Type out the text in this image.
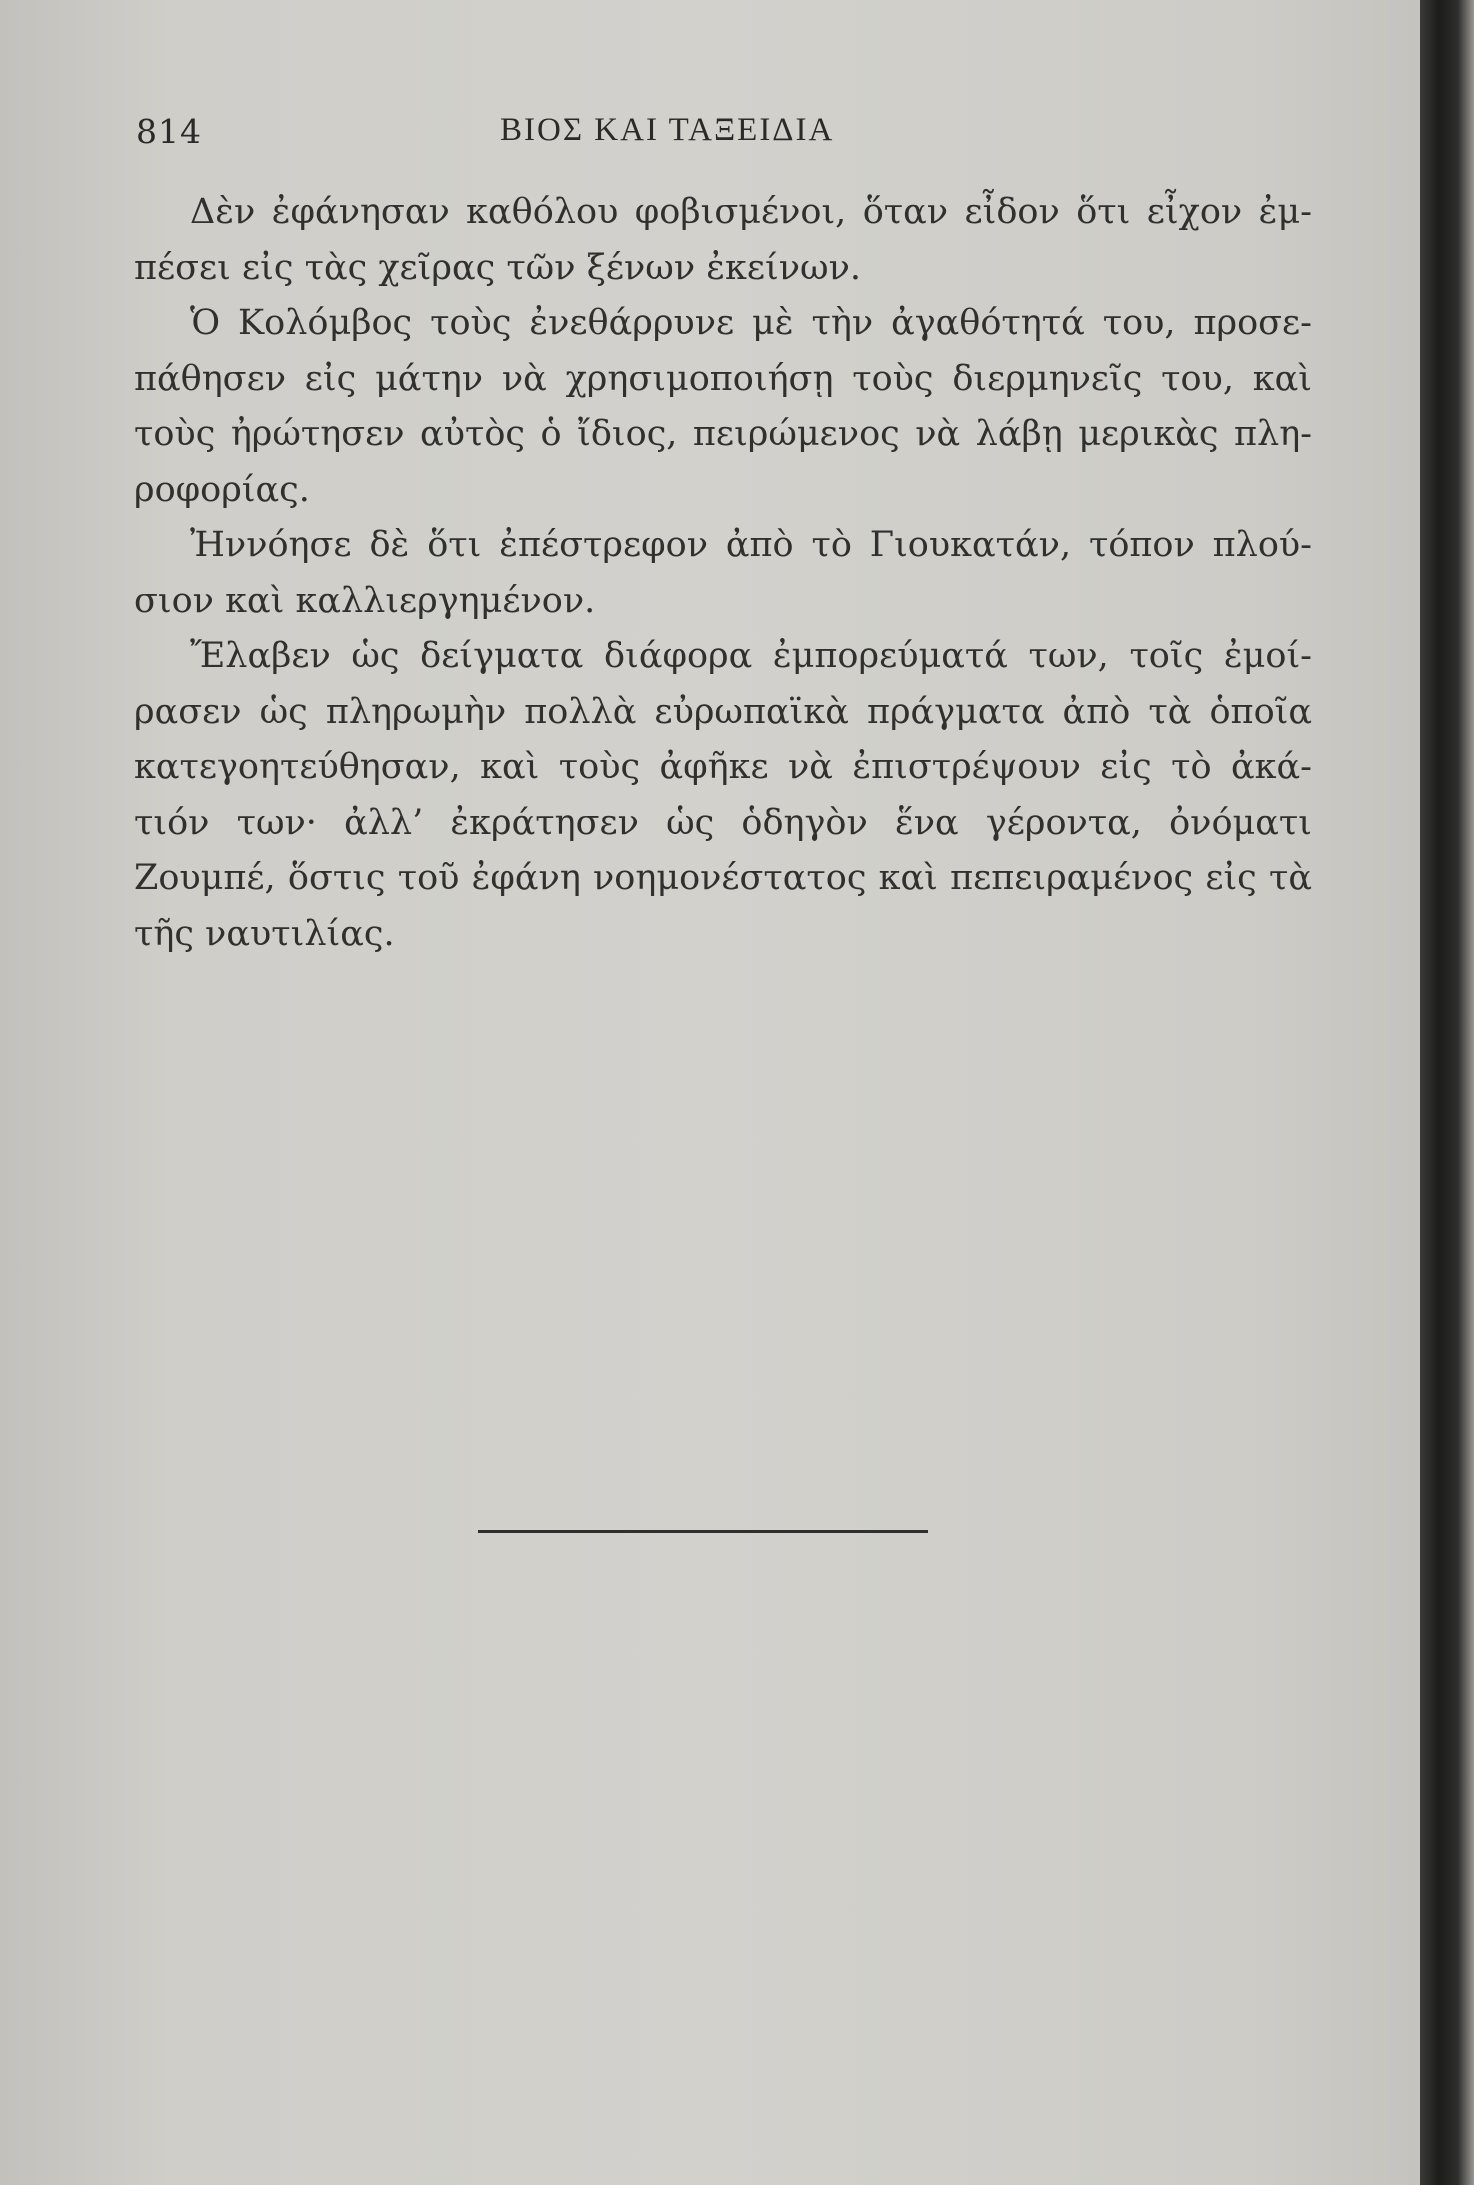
814	ΒΙΟΣ ΚΑΙ ΤΑΞΕΙΔΙΑ

Δὲν ἐφάνησαν καθόλου φοβισμένοι, ὅταν εἶδον ὅτι εἶχον ἐμ-πέσει εἰς τὰς χεῖρας τῶν ξένων ἐκείνων.

Ὁ Κολόμβος τοὺς ἐνεθάρρυνε μὲ τὴν ἀγαθότητά του, προσε-πάθησεν εἰς μάτην νὰ χρησιμοποιήσῃ τοὺς διερμηνεῖς του, καὶ τοὺς ἠρώτησεν αὐτὸς ὁ ἴδιος, πειρώμενος νὰ λάβῃ μερικὰς πλη-ροφορίας.

Ἠννόησε δὲ ὅτι ἐπέστρεφον ἀπὸ τὸ Γιουκατάν, τόπον πλού-σιον καὶ καλλιεργημένον.

Ἔλαβεν ὡς δείγματα διάφορα ἐμπορεύματά των, τοῖς ἐμοί-ρασεν ὡς πληρωμὴν πολλὰ εὐρωπαϊκὰ πράγματα ἀπὸ τὰ ὁποῖα κατεγοητεύθησαν, καὶ τοὺς ἀφῆκε νὰ ἐπιστρέψουν εἰς τὸ ἀκά-τιόν των· ἀλλ’ ἐκράτησεν ὡς ὁδηγὸν ἕνα γέροντα, ὀνόματι Ζουμπέ, ὅστις τοῦ ἐφάνη νοημονέστατος καὶ πεπειραμένος εἰς τὰ τῆς ναυτιλίας.
